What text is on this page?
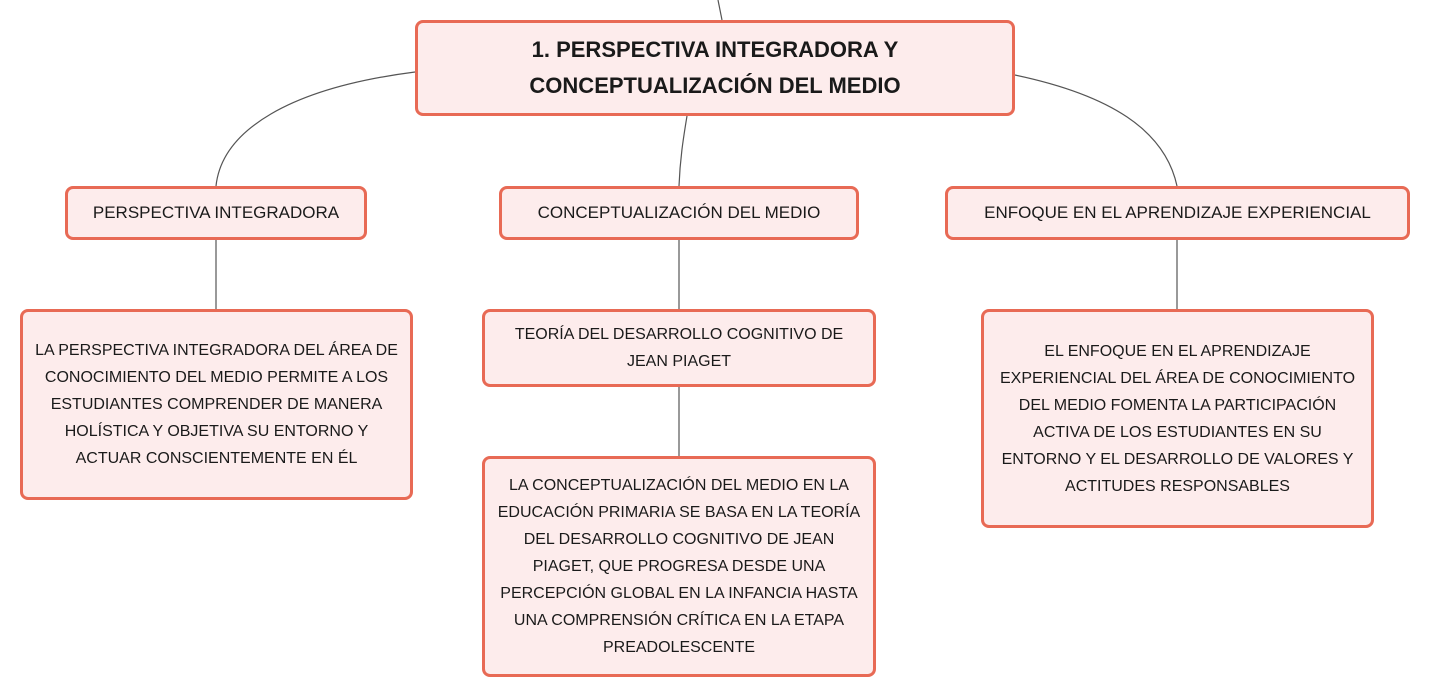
1. PERSPECTIVA INTEGRADORA Y CONCEPTUALIZACIÓN DEL MEDIO
PERSPECTIVA INTEGRADORA	CONCEPTUALIZACIÓN DEL MEDIO	ENFOQUE EN EL APRENDIZAJE EXPERIENCIAL
LA PERSPECTIVA INTEGRADORA DEL ÁREA DE CONOCIMIENTO DEL MEDIO PERMITE A LOS ESTUDIANTES COMPRENDER DE MANERA HOLÍSTICA Y OBJETIVA SU ENTORNO Y ACTUAR CONSCIENTEMENTE EN ÉL
TEORÍA DEL DESARROLLO COGNITIVO DE JEAN PIAGET
LA CONCEPTUALIZACIÓN DEL MEDIO EN LA EDUCACIÓN PRIMARIA SE BASA EN LA TEORÍA DEL DESARROLLO COGNITIVO DE JEAN PIAGET, QUE PROGRESA DESDE UNA PERCEPCIÓN GLOBAL EN LA INFANCIA HASTA UNA COMPRENSIÓN CRÍTICA EN LA ETAPA PREADOLESCENTE
EL ENFOQUE EN EL APRENDIZAJE EXPERIENCIAL DEL ÁREA DE CONOCIMIENTO DEL MEDIO FOMENTA LA PARTICIPACIÓN ACTIVA DE LOS ESTUDIANTES EN SU ENTORNO Y EL DESARROLLO DE VALORES Y ACTITUDES RESPONSABLES
